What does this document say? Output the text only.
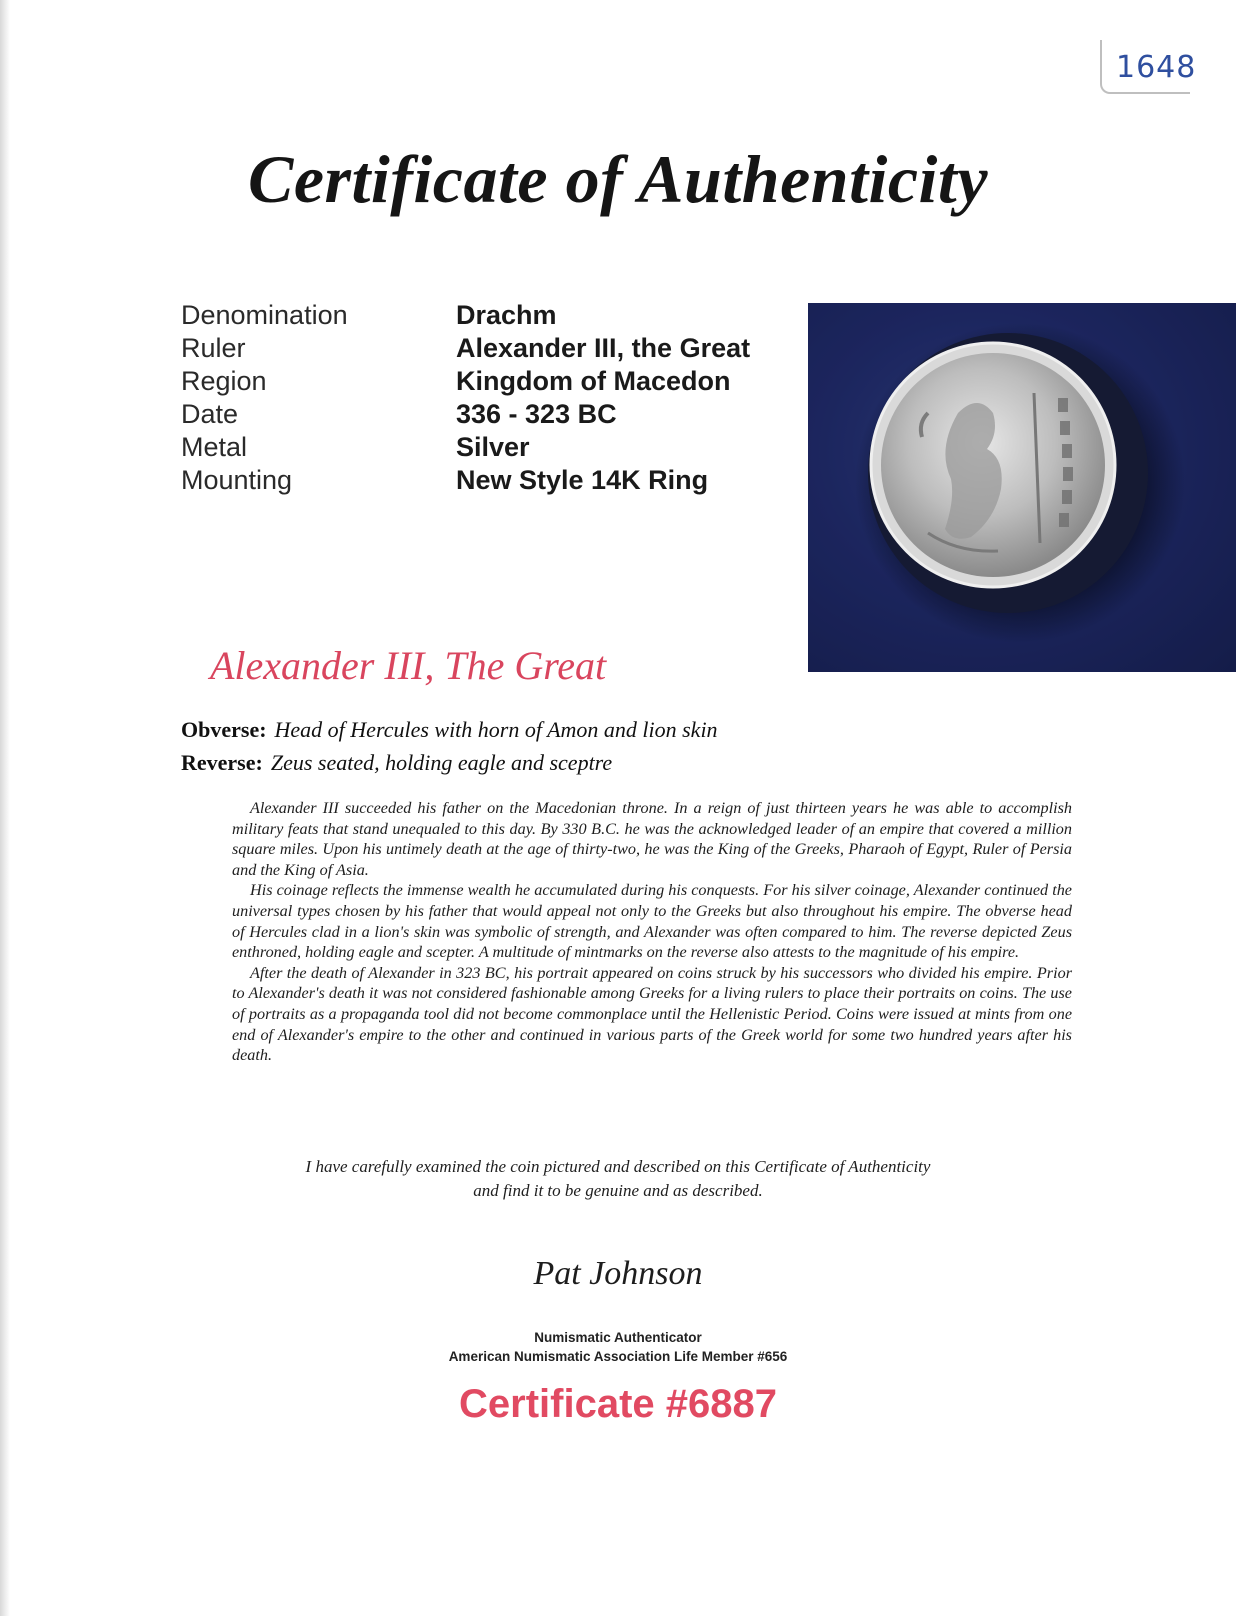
1648
Certificate of Authenticity
Denomination	Drachm
Ruler	Alexander III, the Great
Region	Kingdom of Macedon
Date	336 - 323 BC
Metal	Silver
Mounting	New Style 14K Ring
Alexander III, The Great
Obverse: Head of Hercules with horn of Amon and lion skin
Reverse: Zeus seated, holding eagle and sceptre

Alexander III succeeded his father on the Macedonian throne. In a reign of just thirteen years he was able to accomplish military feats that stand unequaled to this day. By 330 B.C. he was the acknowledged leader of an empire that covered a million square miles. Upon his untimely death at the age of thirty-two, he was the King of the Greeks, Pharaoh of Egypt, Ruler of Persia and the King of Asia.

His coinage reflects the immense wealth he accumulated during his conquests. For his silver coinage, Alexander continued the universal types chosen by his father that would appeal not only to the Greeks but also throughout his empire. The obverse head of Hercules clad in a lion's skin was symbolic of strength, and Alexander was often compared to him. The reverse depicted Zeus enthroned, holding eagle and scepter. A multitude of mintmarks on the reverse also attests to the magnitude of his empire.

After the death of Alexander in 323 BC, his portrait appeared on coins struck by his successors who divided his empire. Prior to Alexander's death it was not considered fashionable among Greeks for a living rulers to place their portraits on coins. The use of portraits as a propaganda tool did not become commonplace until the Hellenistic Period. Coins were issued at mints from one end of Alexander's empire to the other and continued in various parts of the Greek world for some two hundred years after his death.

I have carefully examined the coin pictured and described on this Certificate of Authenticity
and find it to be genuine and as described.
Pat Johnson
Numismatic Authenticator
American Numismatic Association Life Member #656
Certificate #6887
